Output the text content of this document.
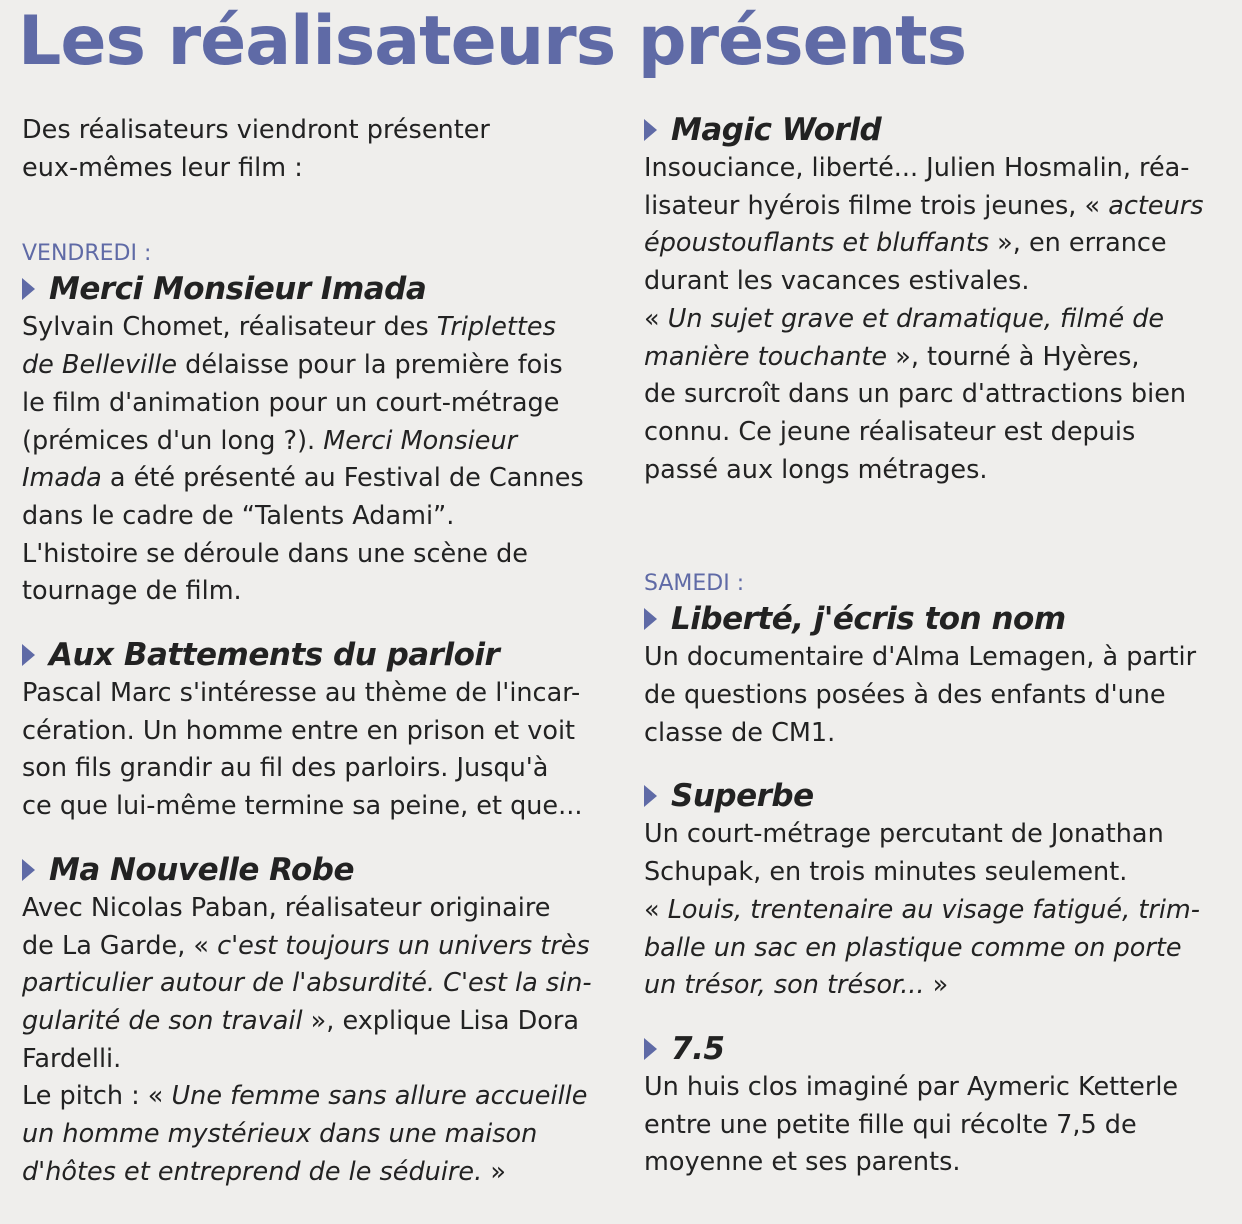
Les réalisateurs présents
Des réalisateurs viendront présenter
eux-mêmes leur film :
VENDREDI :
Merci Monsieur Imada
Sylvain Chomet, réalisateur des Triplettes
de Belleville délaisse pour la première fois
le film d'animation pour un court-métrage
(prémices d'un long ?). Merci Monsieur
Imada a été présenté au Festival de Cannes
dans le cadre de “Talents Adami”.
L'histoire se déroule dans une scène de
tournage de film.
Aux Battements du parloir
Pascal Marc s'intéresse au thème de l'incar-
cération. Un homme entre en prison et voit
son fils grandir au fil des parloirs. Jusqu'à
ce que lui-même termine sa peine, et que...
Ma Nouvelle Robe
Avec Nicolas Paban, réalisateur originaire
de La Garde, « c'est toujours un univers très
particulier autour de l'absurdité. C'est la sin-
gularité de son travail », explique Lisa Dora
Fardelli.
Le pitch : « Une femme sans allure accueille
un homme mystérieux dans une maison
d'hôtes et entreprend de le séduire. »
Magic World
Insouciance, liberté... Julien Hosmalin, réa-
lisateur hyérois filme trois jeunes, « acteurs
époustouflants et bluffants », en errance
durant les vacances estivales.
« Un sujet grave et dramatique, filmé de
manière touchante », tourné à Hyères,
de surcroît dans un parc d'attractions bien
connu. Ce jeune réalisateur est depuis
passé aux longs métrages.
SAMEDI :
Liberté, j'écris ton nom
Un documentaire d'Alma Lemagen, à partir
de questions posées à des enfants d'une
classe de CM1.
Superbe
Un court-métrage percutant de Jonathan
Schupak, en trois minutes seulement.
« Louis, trentenaire au visage fatigué, trim-
balle un sac en plastique comme on porte
un trésor, son trésor... »
7.5
Un huis clos imaginé par Aymeric Ketterle
entre une petite fille qui récolte 7,5 de
moyenne et ses parents.
